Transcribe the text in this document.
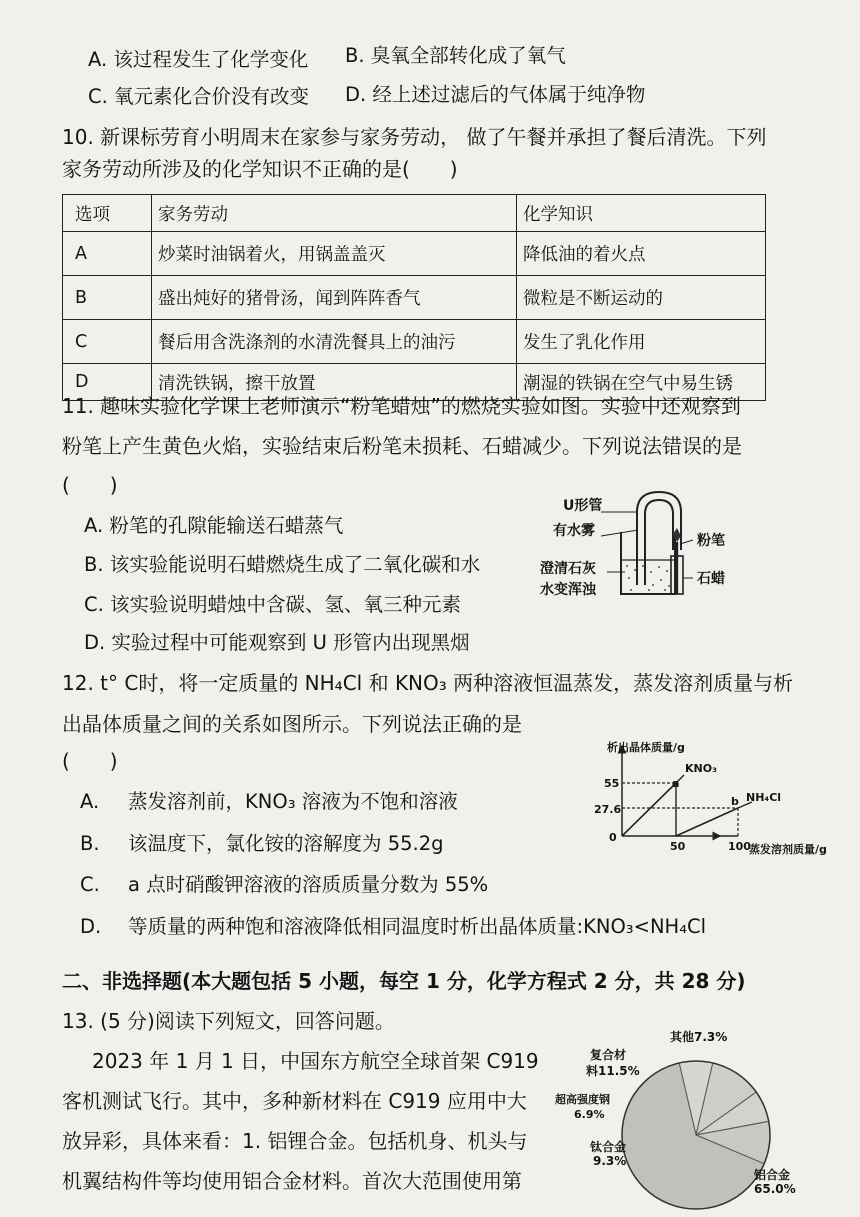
A. 该过程发生了化学变化 B. 臭氧全部转化成了氧气
C. 氧元素化合价没有改变 D. 经上述过滤后的气体属于纯净物
10. 新课标劳育小明周末在家参与家务劳动， 做了午餐并承担了餐后清洗。下列
家务劳动所涉及的化学知识不正确的是(　　)
选项	家务劳动	化学知识
A	炒菜时油锅着火，用锅盖盖灭	降低油的着火点
B	盛出炖好的猪骨汤，闻到阵阵香气	微粒是不断运动的
C	餐后用含洗涤剂的水清洗餐具上的油污	发生了乳化作用
D	清洗铁锅，擦干放置	潮湿的铁锅在空气中易生锈
11. 趣味实验化学课上老师演示“粉笔蜡烛”的燃烧实验如图。实验中还观察到
粉笔上产生黄色火焰，实验结束后粉笔未损耗、石蜡减少。下列说法错误的是
(　　)
A. 粉笔的孔隙能输送石蜡蒸气
B. 该实验能说明石蜡燃烧生成了二氧化碳和水
C. 该实验说明蜡烛中含碳、氢、氧三种元素
D. 实验过程中可能观察到 U 形管内出现黑烟
U形管
有水雾
澄清石灰
水变浑浊
粉笔
石蜡
12. t° C时，将一定质量的 NH₄Cl 和 KNO₃ 两种溶液恒温蒸发，蒸发溶剂质量与析
出晶体质量之间的关系如图所示。下列说法正确的是
(　　)
A. 蒸发溶剂前，KNO₃ 溶液为不饱和溶液
B. 该温度下，氯化铵的溶解度为 55.2g
C. a 点时硝酸钾溶液的溶质质量分数为 55%
D. 等质量的两种饱和溶液降低相同温度时析出晶体质量:KNO₃<NH₄Cl
析出晶体质量/g
55
27.6
0
50	100
蒸发溶剂质量/g
KNO₃
NH₄Cl
a
b
二、非选择题(本大题包括 5 小题，每空 1 分，化学方程式 2 分，共 28 分)
13. (5 分)阅读下列短文，回答问题。
2023 年 1 月 1 日，中国东方航空全球首架 C919
客机测试飞行。其中，多种新材料在 C919 应用中大
放异彩，具体来看：1. 铝锂合金。包括机身、机头与
机翼结构件等均使用铝合金材料。首次大范围使用第
其他7.3%
复合材
料11.5%
超高强度钢
6.9%
钛合金
9.3%
铝合金
65.0%
